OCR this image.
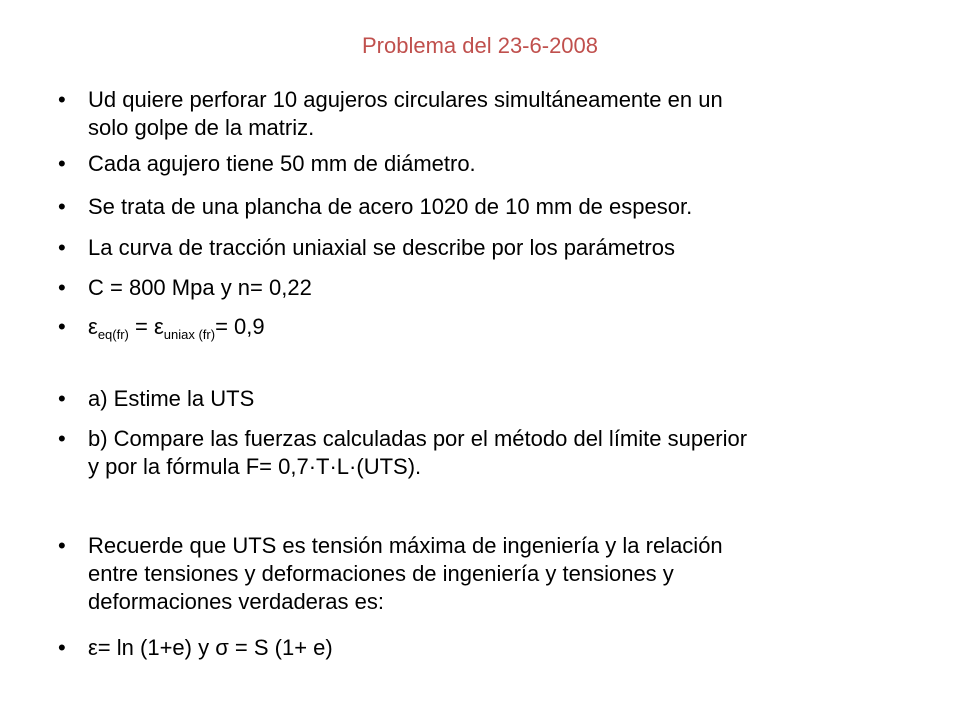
Problema del 23-6-2008
•	Ud quiere perforar 10 agujeros circulares simultáneamente en un
solo golpe de la matriz.
•	Cada agujero tiene 50 mm de diámetro.
•	Se trata de una plancha de acero 1020 de 10 mm de espesor.
•	La curva de tracción uniaxial se describe por los parámetros
•	C = 800 Mpa y n= 0,22
•	$\varepsilon_{eq(fr)} = \varepsilon_{uniax (fr)}= 0,9$
•	a) Estime la UTS
•	b) Compare las fuerzas calculadas por el método del límite superior
y por la fórmula F= 0,7·T·L·(UTS).
•	Recuerde que UTS es tensión máxima de ingeniería y la relación
entre tensiones y deformaciones de ingeniería y tensiones y
deformaciones verdaderas es:
•	ε= ln (1+e) y σ = S (1+ e)
